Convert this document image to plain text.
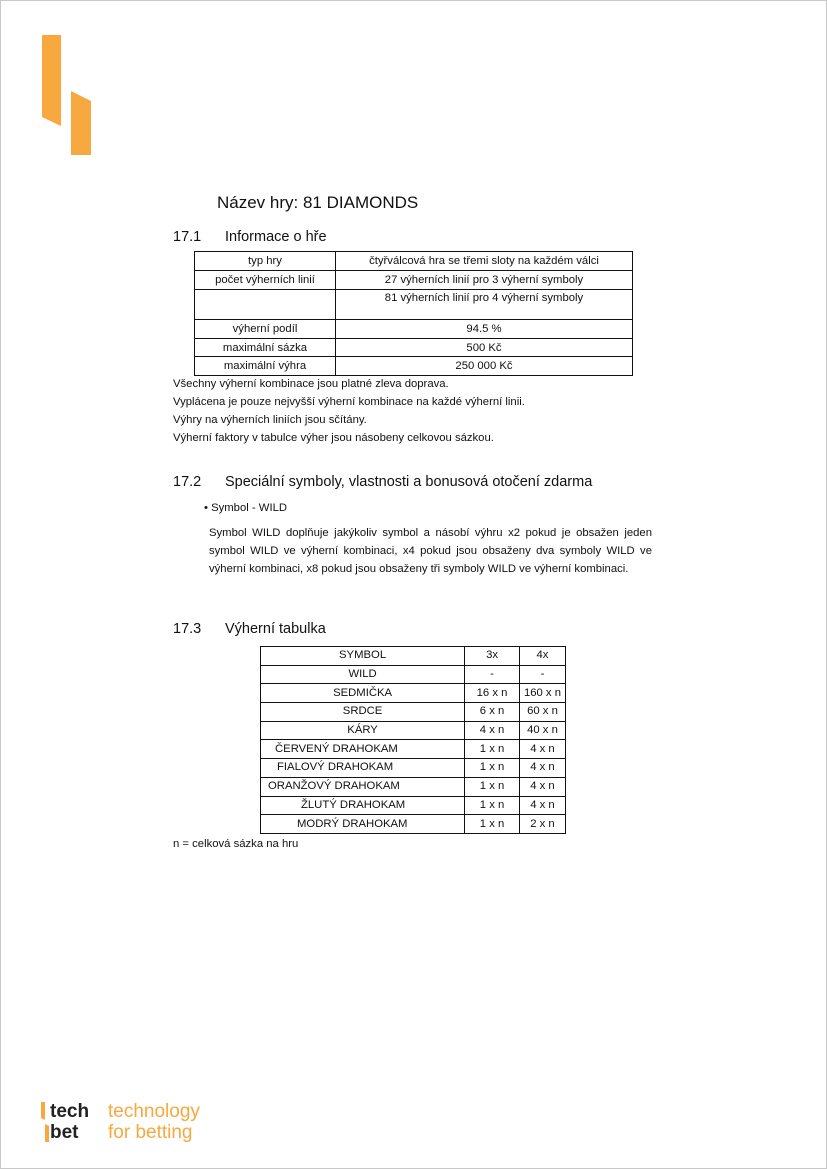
Název hry: 81 DIAMONDS
17.1 Informace o hře
typ hry	čtyřválcová hra se třemi sloty na každém válci
počet výherních linií	27 výherních linií pro 3 výherní symboly
	81 výherních linií pro 4 výherní symboly
výherní podíl	94.5 %
maximální sázka	500 Kč
maximální výhra	250 000 Kč
Všechny výherní kombinace jsou platné zleva doprava.
Vyplácena je pouze nejvyšší výherní kombinace na každé výherní linii.
Výhry na výherních liniích jsou sčítány.
Výherní faktory v tabulce výher jsou násobeny celkovou sázkou.
17.2 Speciální symboly, vlastnosti a bonusová otočení zdarma
• Symbol - WILD
Symbol WILD doplňuje jakýkoliv symbol a násobí výhru x2 pokud je obsažen jeden symbol WILD ve výherní kombinaci, x4 pokud jsou obsaženy dva symboly WILD ve výherní kombinaci, x8 pokud jsou obsaženy tři symboly WILD ve výherní kombinaci.
17.3 Výherní tabulka
SYMBOL	3x	4x
WILD	-	-
SEDMIČKA	16 x n	160 x n
SRDCE	6 x n	60 x n
KÁRY	4 x n	40 x n
ČERVENÝ DRAHOKAM	1 x n	4 x n
FIALOVÝ DRAHOKAM	1 x n	4 x n
ORANŽOVÝ DRAHOKAM	1 x n	4 x n
ŽLUTÝ DRAHOKAM	1 x n	4 x n
MODRÝ DRAHOKAM	1 x n	2 x n
n = celková sázka na hru
tech
bet
technology
for betting
